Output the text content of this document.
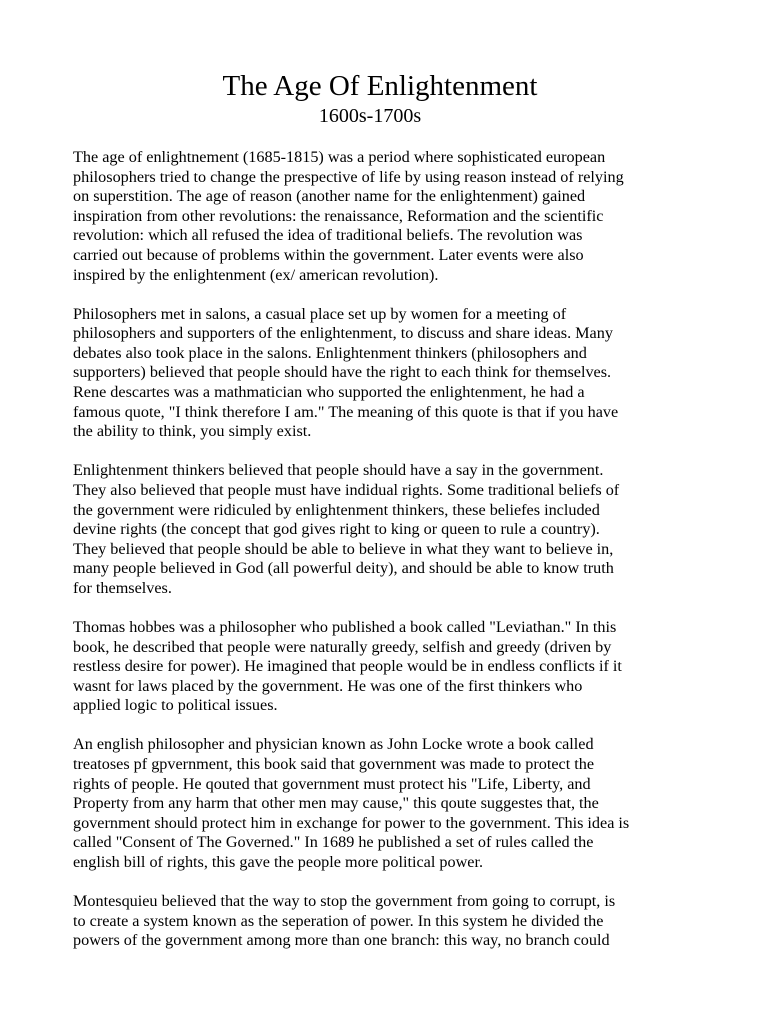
The Age Of Enlightenment
1600s-1700s

The age of enlightnement (1685-1815) was a period where sophisticated european
philosophers tried to change the prespective of life by using reason instead of relying
on superstition. The age of reason (another name for the enlightenment) gained
inspiration from other revolutions: the renaissance, Reformation and the scientific
revolution: which all refused the idea of traditional beliefs. The revolution was
carried out because of problems within the government. Later events were also
inspired by the enlightenment (ex/ american revolution).

Philosophers met in salons, a casual place set up by women for a meeting of
philosophers and supporters of the enlightenment, to discuss and share ideas. Many
debates also took place in the salons. Enlightenment thinkers (philosophers and
supporters) believed that people should have the right to each think for themselves.
Rene descartes was a mathmatician who supported the enlightenment, he had a
famous quote, "I think therefore I am." The meaning of this quote is that if you have
the ability to think, you simply exist.

Enlightenment thinkers believed that people should have a say in the government.
They also believed that people must have indidual rights. Some traditional beliefs of
the government were ridiculed by enlightenment thinkers, these beliefes included
devine rights (the concept that god gives right to king or queen to rule a country).
They believed that people should be able to believe in what they want to believe in,
many people believed in God (all powerful deity), and should be able to know truth
for themselves.

Thomas hobbes was a philosopher who published a book called "Leviathan." In this
book, he described that people were naturally greedy, selfish and greedy (driven by
restless desire for power). He imagined that people would be in endless conflicts if it
wasnt for laws placed by the government. He was one of the first thinkers who
applied logic to political issues.

An english philosopher and physician known as John Locke wrote a book called
treatoses pf gpvernment, this book said that government was made to protect the
rights of people. He qouted that government must protect his "Life, Liberty, and
Property from any harm that other men may cause," this qoute suggestes that, the
government should protect him in exchange for power to the government. This idea is
called "Consent of The Governed." In 1689 he published a set of rules called the
english bill of rights, this gave the people more political power.

Montesquieu believed that the way to stop the government from going to corrupt, is
to create a system known as the seperation of power. In this system he divided the
powers of the government among more than one branch: this way, no branch could
